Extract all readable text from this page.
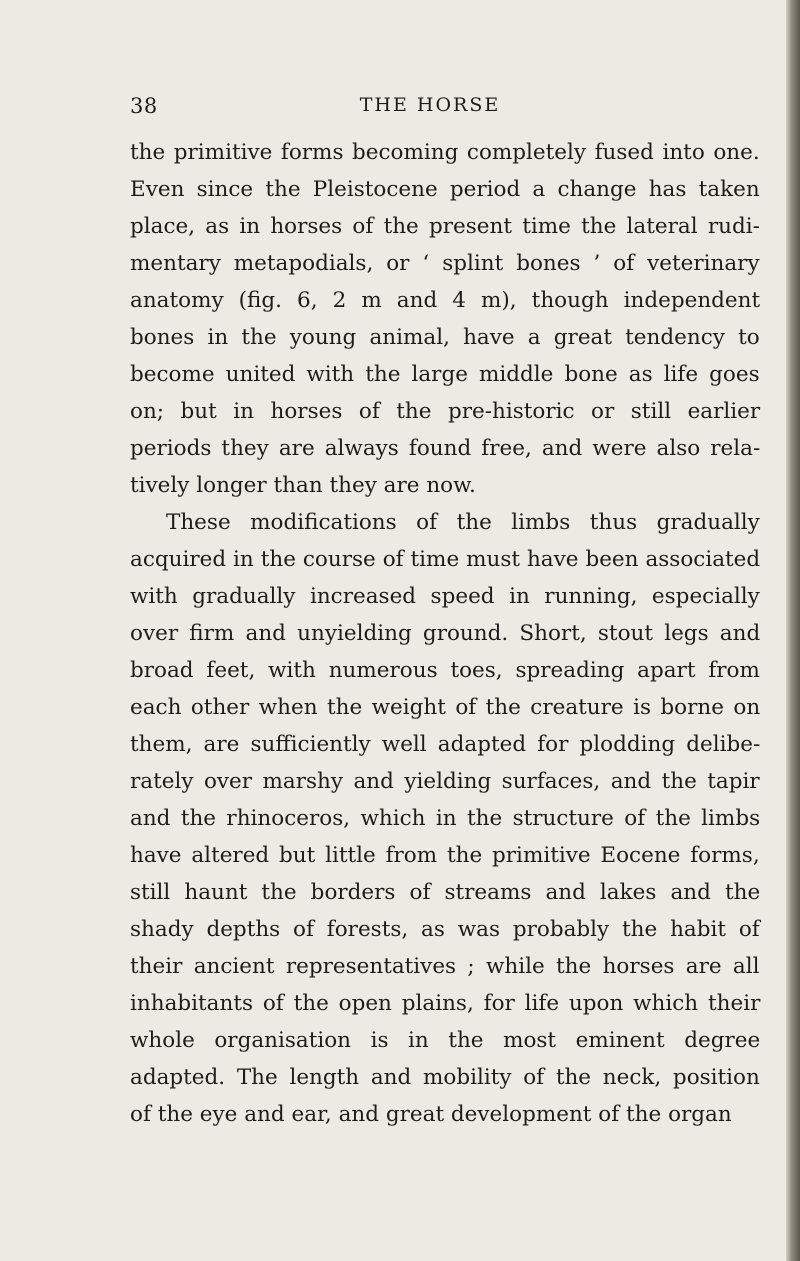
38	THE HORSE
the primitive forms becoming completely fused into one.
Even since the Pleistocene period a change has taken
place, as in horses of the present time the lateral rudi-
mentary metapodials, or ‘ splint bones ’ of veterinary
anatomy (fig. 6, 2 m and 4 m), though independent
bones in the young animal, have a great tendency to
become united with the large middle bone as life goes
on; but in horses of the pre-historic or still earlier
periods they are always found free, and were also rela-
tively longer than they are now.
These modifications of the limbs thus gradually
acquired in the course of time must have been associated
with gradually increased speed in running, especially
over firm and unyielding ground. Short, stout legs and
broad feet, with numerous toes, spreading apart from
each other when the weight of the creature is borne on
them, are sufficiently well adapted for plodding delibe-
rately over marshy and yielding surfaces, and the tapir
and the rhinoceros, which in the structure of the limbs
have altered but little from the primitive Eocene forms,
still haunt the borders of streams and lakes and the
shady depths of forests, as was probably the habit of
their ancient representatives ; while the horses are all
inhabitants of the open plains, for life upon which their
whole organisation is in the most eminent degree
adapted. The length and mobility of the neck, position
of the eye and ear, and great development of the organ
